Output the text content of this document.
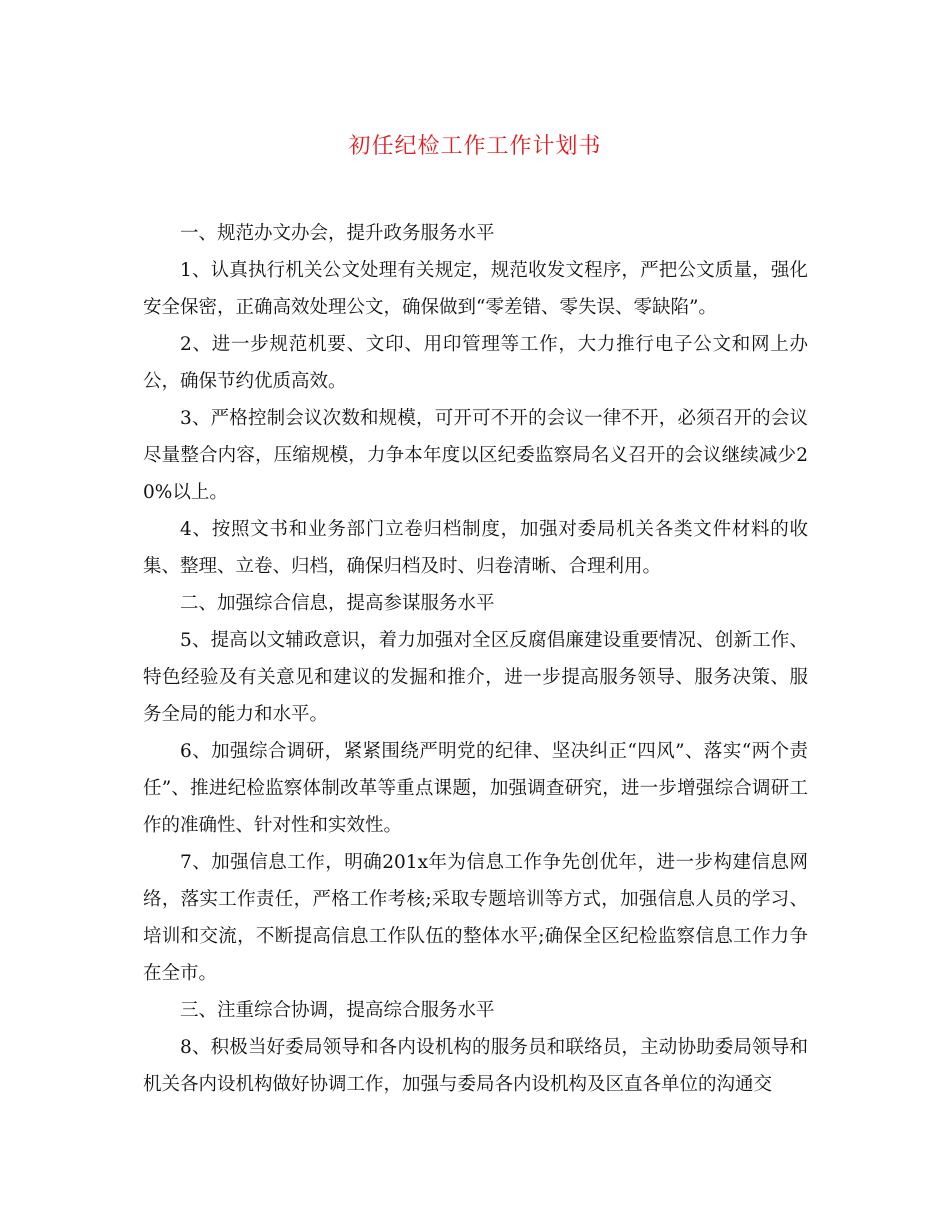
初任纪检工作工作计划书

一、规范办文办会，提升政务服务水平

1、认真执行机关公文处理有关规定，规范收发文程序，严把公文质量，强化安全保密，正确高效处理公文，确保做到“零差错、零失误、零缺陷”。

2、进一步规范机要、文印、用印管理等工作，大力推行电子公文和网上办公，确保节约优质高效。

3、严格控制会议次数和规模，可开可不开的会议一律不开，必须召开的会议尽量整合内容，压缩规模，力争本年度以区纪委监察局名义召开的会议继续减少20%以上。

4、按照文书和业务部门立卷归档制度，加强对委局机关各类文件材料的收集、整理、立卷、归档，确保归档及时、归卷清晰、合理利用。

二、加强综合信息，提高参谋服务水平

5、提高以文辅政意识，着力加强对全区反腐倡廉建设重要情况、创新工作、特色经验及有关意见和建议的发掘和推介，进一步提高服务领导、服务决策、服务全局的能力和水平。

6、加强综合调研，紧紧围绕严明党的纪律、坚决纠正“四风”、落实“两个责任”、推进纪检监察体制改革等重点课题，加强调查研究，进一步增强综合调研工作的准确性、针对性和实效性。

7、加强信息工作，明确201x年为信息工作争先创优年，进一步构建信息网络，落实工作责任，严格工作考核;采取专题培训等方式，加强信息人员的学习、培训和交流，不断提高信息工作队伍的整体水平;确保全区纪检监察信息工作力争在全市。

三、注重综合协调，提高综合服务水平

8、积极当好委局领导和各内设机构的服务员和联络员，主动协助委局领导和机关各内设机构做好协调工作，加强与委局各内设机构及区直各单位的沟通交
